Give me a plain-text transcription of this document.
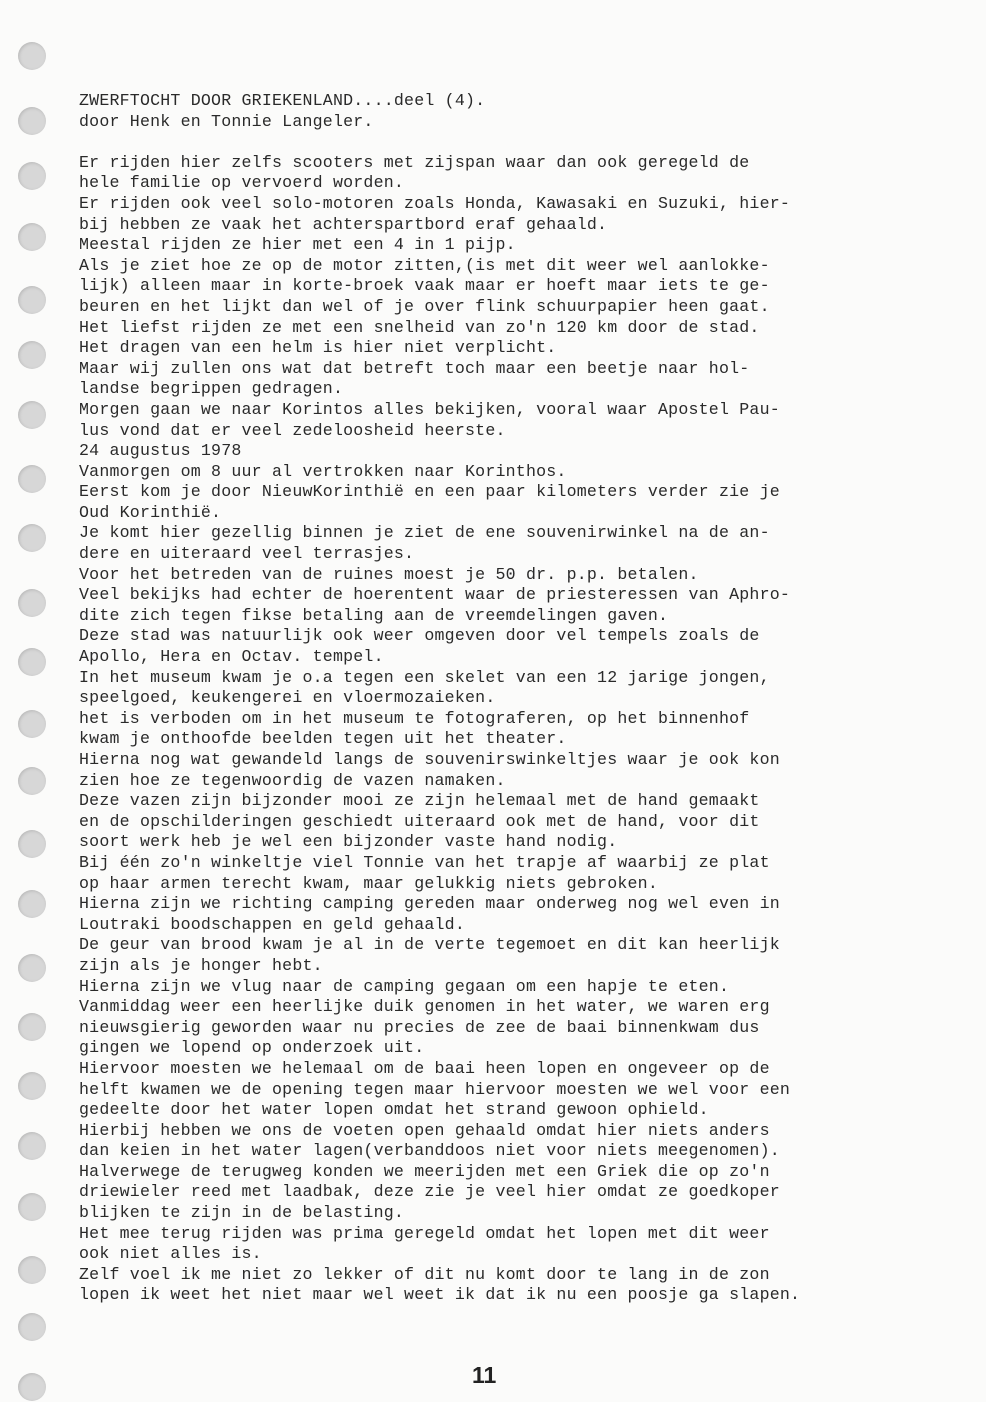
ZWERFTOCHT DOOR GRIEKENLAND....deel (4).
door Henk en Tonnie Langeler.
Er rijden hier zelfs scooters met zijspan waar dan ook geregeld de
hele familie op vervoerd worden.
Er rijden ook veel solo-motoren zoals Honda, Kawasaki en Suzuki, hier-
bij hebben ze vaak het achterspartbord eraf gehaald.
Meestal rijden ze hier met een 4 in 1 pijp.
Als je ziet hoe ze op de motor zitten,(is met dit weer wel aanlokke-
lijk) alleen maar in korte-broek vaak maar er hoeft maar iets te ge-
beuren en het lijkt dan wel of je over flink schuurpapier heen gaat.
Het liefst rijden ze met een snelheid van zo'n 120 km door de stad.
Het dragen van een helm is hier niet verplicht.
Maar wij zullen ons wat dat betreft toch maar een beetje naar hol-
landse begrippen gedragen.
Morgen gaan we naar Korintos alles bekijken, vooral waar Apostel Pau-
lus vond dat er veel zedeloosheid heerste.
24 augustus 1978
Vanmorgen om 8 uur al vertrokken naar Korinthos.
Eerst kom je door NieuwKorinthië en een paar kilometers verder zie je
Oud Korinthië.
Je komt hier gezellig binnen je ziet de ene souvenirwinkel na de an-
dere en uiteraard veel terrasjes.
Voor het betreden van de ruines moest je 50 dr. p.p. betalen.
Veel bekijks had echter de hoerentent waar de priesteressen van Aphro-
dite zich tegen fikse betaling aan de vreemdelingen gaven.
Deze stad was natuurlijk ook weer omgeven door vel tempels zoals de
Apollo, Hera en Octav. tempel.
In het museum kwam je o.a tegen een skelet van een 12 jarige jongen,
speelgoed, keukengerei en vloermozaieken.
het is verboden om in het museum te fotograferen, op het binnenhof
kwam je onthoofde beelden tegen uit het theater.
Hierna nog wat gewandeld langs de souvenirswinkeltjes waar je ook kon
zien hoe ze tegenwoordig de vazen namaken.
Deze vazen zijn bijzonder mooi ze zijn helemaal met de hand gemaakt
en de opschilderingen geschiedt uiteraard ook met de hand, voor dit
soort werk heb je wel een bijzonder vaste hand nodig.
Bij één zo'n winkeltje viel Tonnie van het trapje af waarbij ze plat
op haar armen terecht kwam, maar gelukkig niets gebroken.
Hierna zijn we richting camping gereden maar onderweg nog wel even in
Loutraki boodschappen en geld gehaald.
De geur van brood kwam je al in de verte tegemoet en dit kan heerlijk
zijn als je honger hebt.
Hierna zijn we vlug naar de camping gegaan om een hapje te eten.
Vanmiddag weer een heerlijke duik genomen in het water, we waren erg
nieuwsgierig geworden waar nu precies de zee de baai binnenkwam dus
gingen we lopend op onderzoek uit.
Hiervoor moesten we helemaal om de baai heen lopen en ongeveer op de
helft kwamen we de opening tegen maar hiervoor moesten we wel voor een
gedeelte door het water lopen omdat het strand gewoon ophield.
Hierbij hebben we ons de voeten open gehaald omdat hier niets anders
dan keien in het water lagen(verbanddoos niet voor niets meegenomen).
Halverwege de terugweg konden we meerijden met een Griek die op zo'n
driewieler reed met laadbak, deze zie je veel hier omdat ze goedkoper
blijken te zijn in de belasting.
Het mee terug rijden was prima geregeld omdat het lopen met dit weer
ook niet alles is.
Zelf voel ik me niet zo lekker of dit nu komt door te lang in de zon
lopen ik weet het niet maar wel weet ik dat ik nu een poosje ga slapen.
11
